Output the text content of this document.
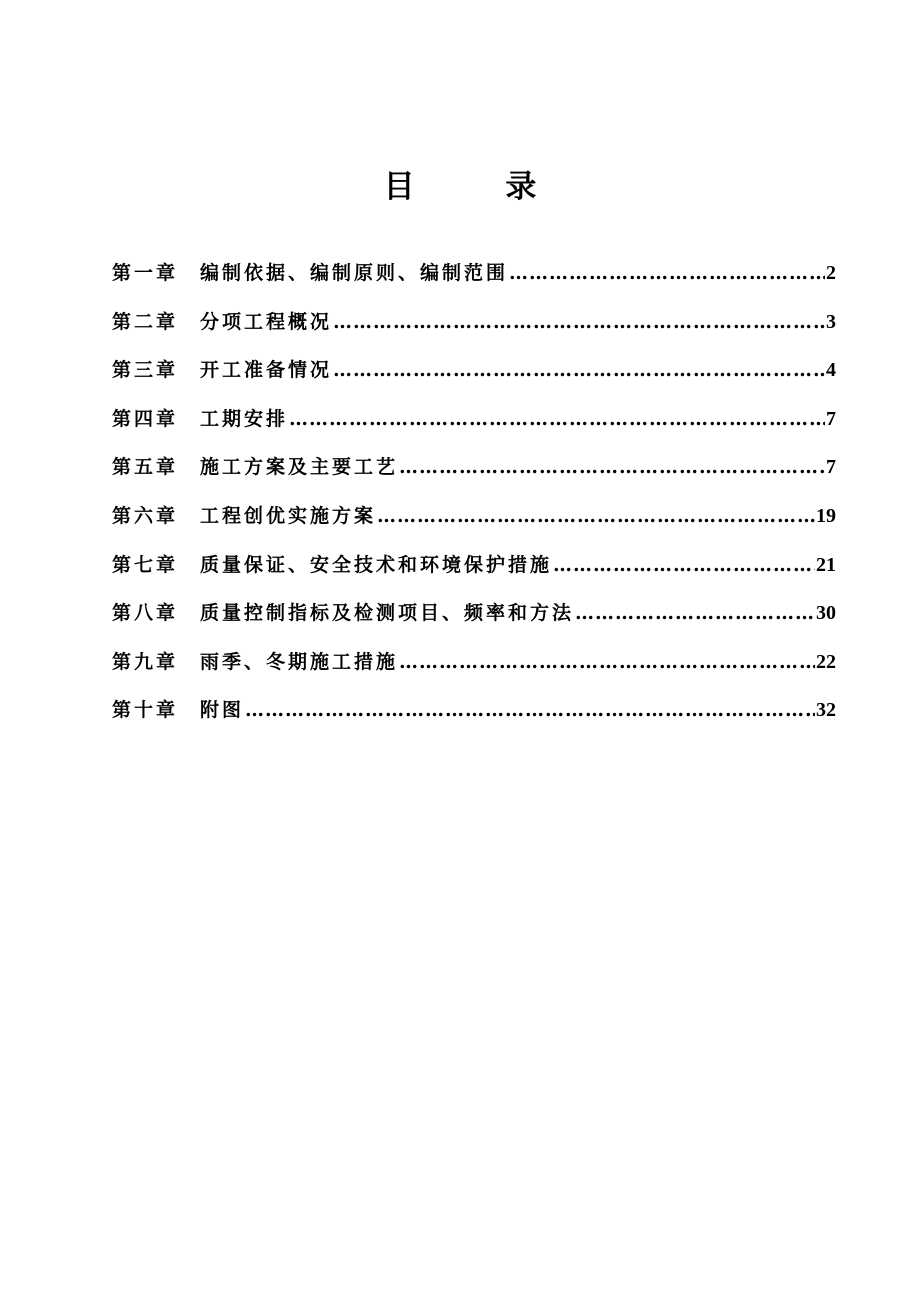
目 录
第一章	编制依据、编制原则、编制范围 ………………………………………………………………………………………………………………………………………………………………………………………………………………	2
第二章	分项工程概况 ………………………………………………………………………………………………………………………………………………………………………………………………………………	3
第三章	开工准备情况 ………………………………………………………………………………………………………………………………………………………………………………………………………………	4
第四章	工期安排 ………………………………………………………………………………………………………………………………………………………………………………………………………………	7
第五章	施工方案及主要工艺 ………………………………………………………………………………………………………………………………………………………………………………………………………………	7
第六章	工程创优实施方案 ………………………………………………………………………………………………………………………………………………………………………………………………………………	19
第七章	质量保证、安全技术和环境保护措施 ………………………………………………………………………………………………………………………………………………………………………………………………………………	21
第八章	质量控制指标及检测项目、频率和方法 ………………………………………………………………………………………………………………………………………………………………………………………………………………	30
第九章	雨季、冬期施工措施 ………………………………………………………………………………………………………………………………………………………………………………………………………………	22
第十章	附图 ………………………………………………………………………………………………………………………………………………………………………………………………………………	32
